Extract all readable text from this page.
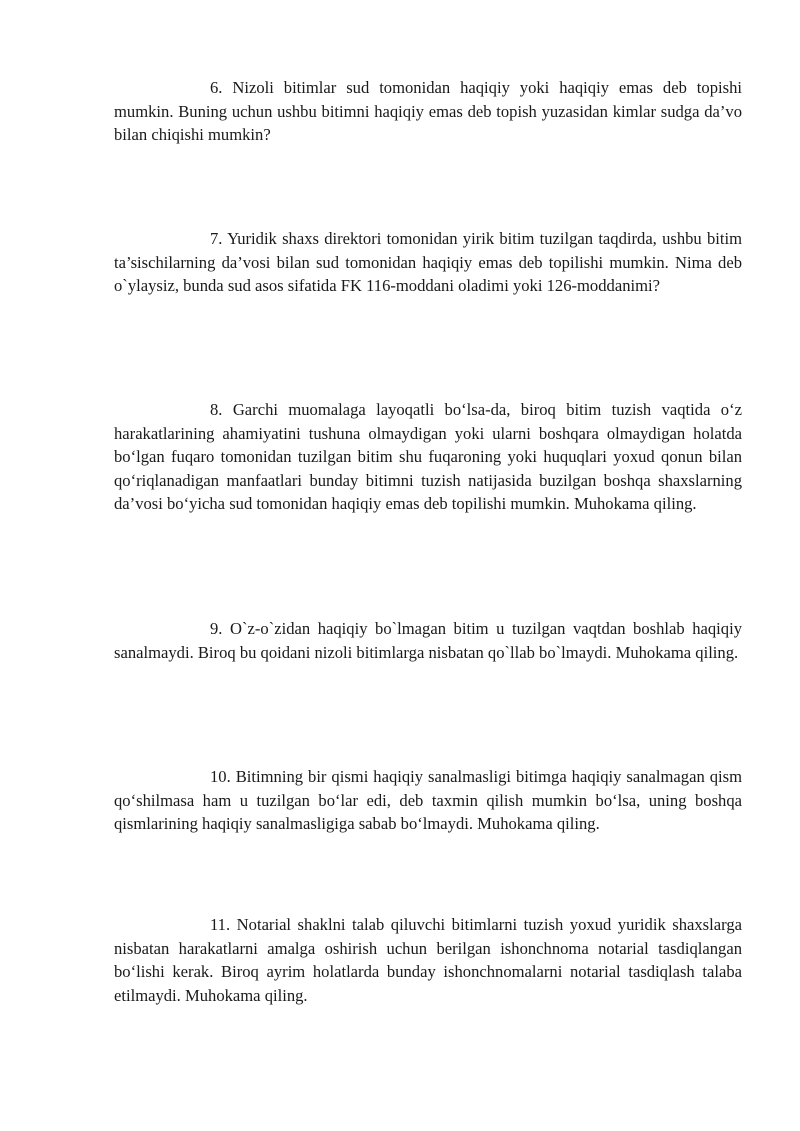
6. Nizoli bitimlar sud tomonidan haqiqiy yoki haqiqiy emas deb topishi mumkin. Buning uchun ushbu bitimni haqiqiy emas deb topish yuzasidan kimlar sudga da’vo bilan chiqishi mumkin?

7. Yuridik shaxs direktori tomonidan yirik bitim tuzilgan taqdirda, ushbu bitim ta’sischilarning da’vosi bilan sud tomonidan haqiqiy emas deb topilishi mumkin. Nima deb o`ylaysiz, bunda sud asos sifatida FK 116-moddani oladimi yoki 126-moddanimi?

8. Garchi muomalaga layoqatli bo‘lsa-da, biroq bitim tuzish vaqtida o‘z harakatlarining ahamiyatini tushuna olmaydigan yoki ularni boshqara olmaydigan holatda bo‘lgan fuqaro tomonidan tuzilgan bitim shu fuqaroning yoki huquqlari yoxud qonun bilan qo‘riqlanadigan manfaatlari bunday bitimni tuzish natijasida buzilgan boshqa shaxslarning da’vosi bo‘yicha sud tomonidan haqiqiy emas deb topilishi mumkin. Muhokama qiling.

9. O`z-o`zidan haqiqiy bo`lmagan bitim u tuzilgan vaqtdan boshlab haqiqiy sanalmaydi. Biroq bu qoidani nizoli bitimlarga nisbatan qo`llab bo`lmaydi. Muhokama qiling.

10. Bitimning bir qismi haqiqiy sanalmasligi bitimga haqiqiy sanalmagan qism qo‘shilmasa ham u tuzilgan bo‘lar edi, deb taxmin qilish mumkin bo‘lsa, uning boshqa qismlarining haqiqiy sanalmasligiga sabab bo‘lmaydi. Muhokama qiling.

11. Notarial shaklni talab qiluvchi bitimlarni tuzish yoxud yuridik shaxslarga nisbatan harakatlarni amalga oshirish uchun berilgan ishonchnoma notarial tasdiqlangan bo‘lishi kerak. Biroq ayrim holatlarda bunday ishonchnomalarni notarial tasdiqlash talaba etilmaydi. Muhokama qiling.
